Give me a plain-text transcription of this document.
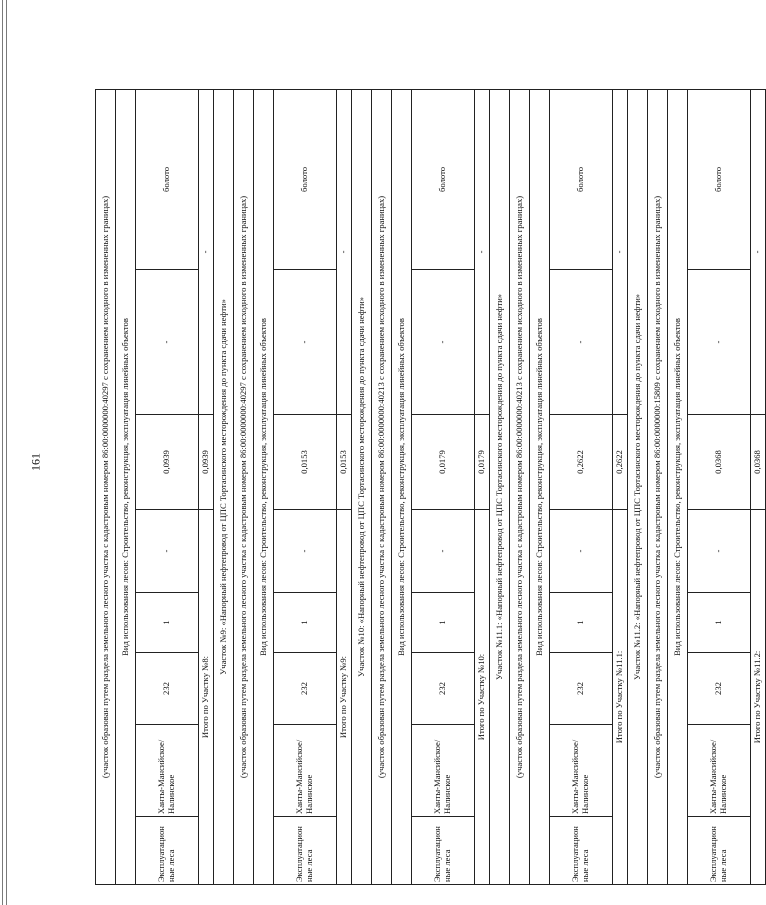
161	(участок образован путем раздела земельного лесного участка с кадастровым номером 86:00:0000000:40297 с сохранением исходного в измененных границах)							
Вид использования лесов: Строительство, реконструкция, эксплуатация линейных объектов							
Эксплуатацион ные леса	Ханты-Мансийское/ Налинское	232	1	-	0,0939	-	болото
Итого по Участку №8:					0,0939	-	
Участок №9: «Напорный нефтепровод от ЦПС Тортасинского месторождения до пункта сдачи нефти»							
(участок образован путем раздела земельного лесного участка с кадастровым номером 86:00:0000000:40297 с сохранением исходного в измененных границах)							
Вид использования лесов: Строительство, реконструкция, эксплуатация линейных объектов							
Эксплуатацион ные леса	Ханты-Мансийское/ Налинское	232	1	-	0,0153	-	болото
Итого по Участку №9:					0,0153	-	
Участок №10: «Напорный нефтепровод от ЦПС Тортасинского месторождения до пункта сдачи нефти»							
(участок образован путем раздела земельного лесного участка с кадастровым номером 86:00:0000000:40213 с сохранением исходного в измененных границах)							
Вид использования лесов: Строительство, реконструкция, эксплуатация линейных объектов							
Эксплуатацион ные леса	Ханты-Мансийское/ Налинское	232	1	-	0,0179	-	болото
Итого по Участку №10:					0,0179	-	
Участок №11.1: «Напорный нефтепровод от ЦПС Тортасинского месторождения до пункта сдачи нефти»							
(участок образован путем раздела земельного лесного участка с кадастровым номером 86:00:0000000:40213 с сохранением исходного в измененных границах)							
Вид использования лесов: Строительство, реконструкция, эксплуатация линейных объектов							
Эксплуатацион ные леса	Ханты-Мансийское/ Налинское	232	1	-	0,2622	-	болото
Итого по Участку №11.1:					0,2622	-	
Участок №11.2: «Напорный нефтепровод от ЦПС Тортасинского месторождения до пункта сдачи нефти»							
(участок образован путем раздела земельного лесного участка с кадастровым номером 86:00:0000000:15809 с сохранением исходного в измененных границах)							
Вид использования лесов: Строительство, реконструкция, эксплуатация линейных объектов							
Эксплуатацион ные леса	Ханты-Мансийское/ Налинское	232	1	-	0,0368	-	болото
Итого по Участку №11.2:					0,0368	-	
